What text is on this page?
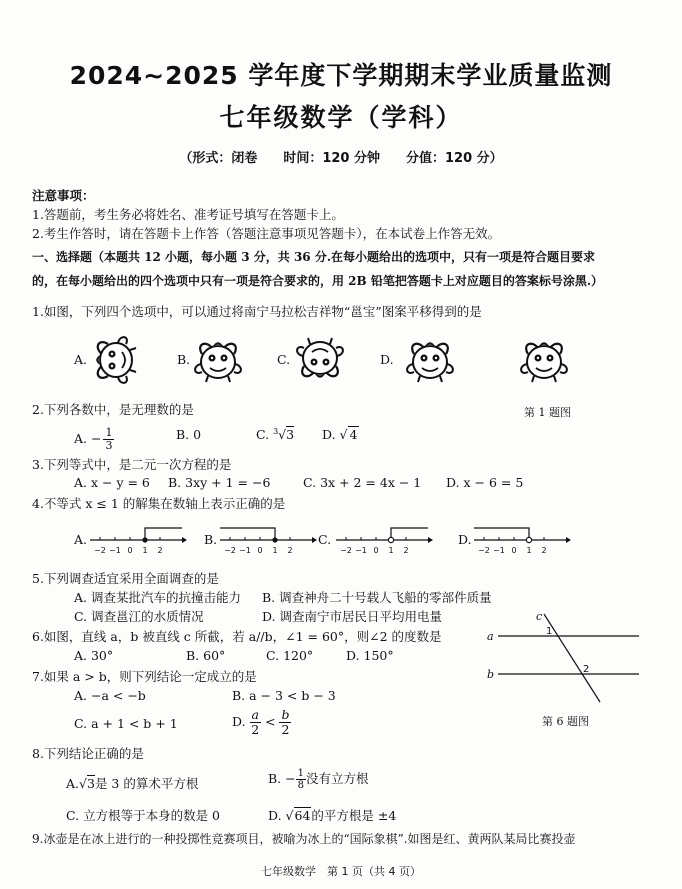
2024~2025 学年度下学期期末学业质量监测
七年级数学（学科）
（形式：闭卷　　时间：120 分钟　　分值：120 分）
注意事项：
1.答题前，考生务必将姓名、准考证号填写在答题卡上。
2.考生作答时，请在答题卡上作答（答题注意事项见答题卡），在本试卷上作答无效。
一、选择题（本题共 12 小题，每小题 3 分，共 36 分.在每小题给出的选项中，只有一项是符合题目要求
的，在每小题给出的四个选项中只有一项是符合要求的，用 2B 铅笔把答题卡上对应题目的答案标号涂黑.）
1.如图，下列四个选项中，可以通过将南宁马拉松吉祥物“邕宝”图案平移得到的是
A.	B.	C.	D.
第 1 题图
2.下列各数中，是无理数的是
A. − $\frac{1}{3}$	B. 0	C. $^3$√3 D. √ 4
3.下列等式中，是二元一次方程的是
A. x − y = 6 B. 3xy + 1 = −6	C. 3x + 2 = 4x − 1 D. x − 6 = 5
4.不等式 x ≤ 1 的解集在数轴上表示正确的是
A.
−2 −1 0 1 2
B.
−2 −1 0 1 2
C.
−2 −1 0 1 2
D.
−2 −1 0 1 2
5.下列调查适宜采用全面调查的是
A. 调查某批汽车的抗撞击能力 B. 调查神舟二十号载人飞船的零部件质量
C. 调查邕江的水质情况	D. 调查南宁市居民日平均用电量
6.如图，直线 a，b 被直线 c 所截，若 a//b，∠1 = 60°，则∠2 的度数是
A. 30°	B. 60°	C. 120°	D. 150°
a
b
c
1
2
第 6 题图
7.如果 a > b，则下列结论一定成立的是
A. −a < −b	B. a − 3 < b − 3
C. a + 1 < b + 1	D. $\frac{a}{2} < \frac{b}{2}$
8.下列结论正确的是
A.√3是 3 的算术平方根	B. − $\frac{1}{8}$ 没有立方根
C. 立方根等于本身的数是 0	D. √64的平方根是 ±4
9.冰壶是在冰上进行的一种投掷性竞赛项目，被喻为冰上的“国际象棋”.如图是红、黄两队某局比赛投壶
七年级数学　第 1 页（共 4 页）
